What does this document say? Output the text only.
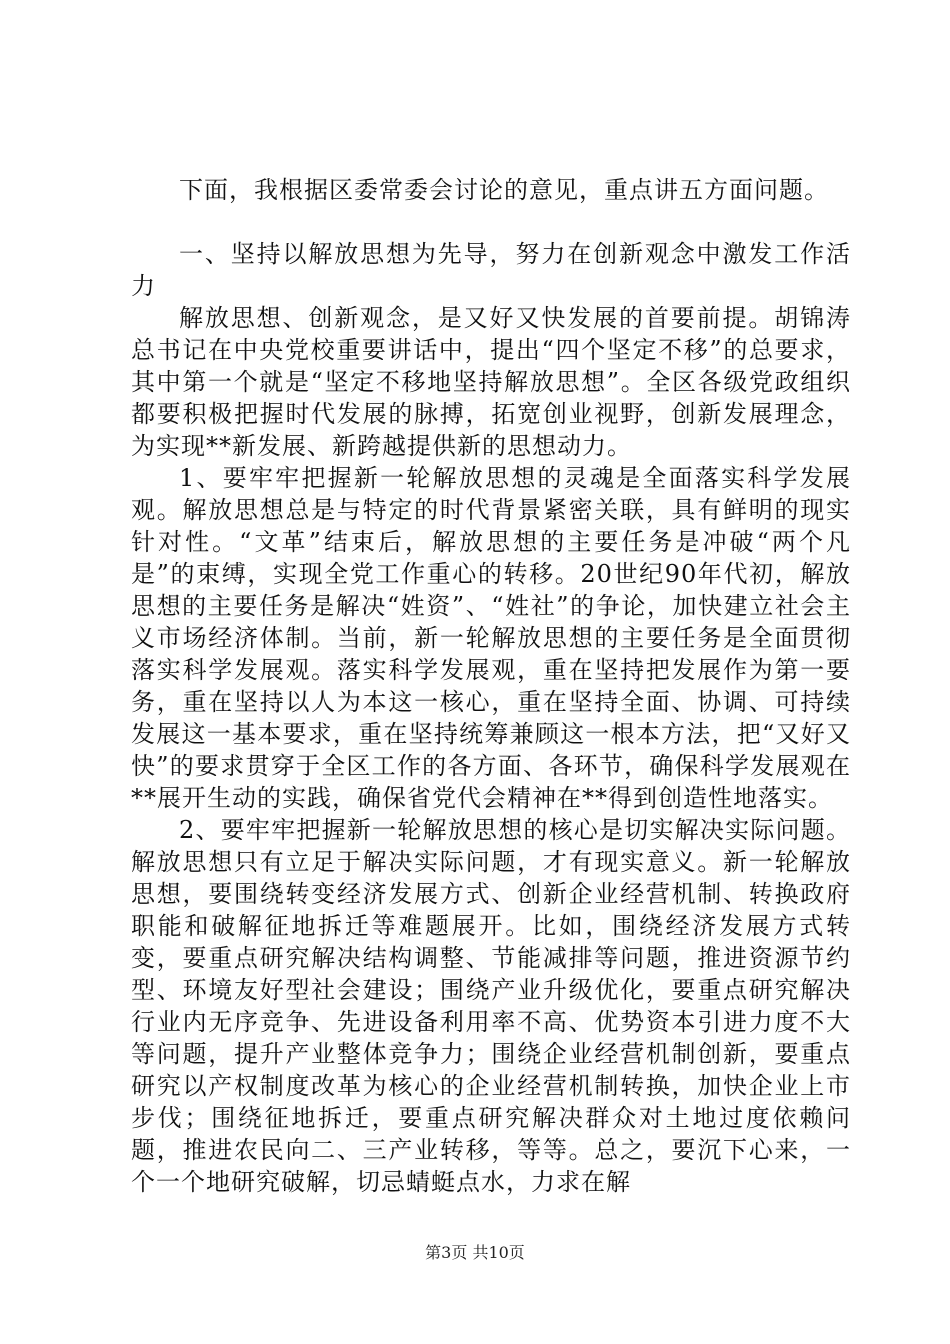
下面，我根据区委常委会讨论的意见，重点讲五方面问题。

一、坚持以解放思想为先导，努力在创新观念中激发工作活力

解放思想、创新观念，是又好又快发展的首要前提。胡锦涛总书记在中央党校重要讲话中，提出“四个坚定不移”的总要求，其中第一个就是“坚定不移地坚持解放思想”。全区各级党政组织都要积极把握时代发展的脉搏，拓宽创业视野，创新发展理念，为实现**新发展、新跨越提供新的思想动力。

1、要牢牢把握新一轮解放思想的灵魂是全面落实科学发展观。解放思想总是与特定的时代背景紧密关联，具有鲜明的现实针对性。“文革”结束后，解放思想的主要任务是冲破“两个凡是”的束缚，实现全党工作重心的转移。20世纪90年代初，解放思想的主要任务是解决“姓资”、“姓社”的争论，加快建立社会主义市场经济体制。当前，新一轮解放思想的主要任务是全面贯彻落实科学发展观。落实科学发展观，重在坚持把发展作为第一要务，重在坚持以人为本这一核心，重在坚持全面、协调、可持续发展这一基本要求，重在坚持统筹兼顾这一根本方法，把“又好又快”的要求贯穿于全区工作的各方面、各环节，确保科学发展观在**展开生动的实践，确保省党代会精神在**得到创造性地落实。

2、要牢牢把握新一轮解放思想的核心是切实解决实际问题。解放思想只有立足于解决实际问题，才有现实意义。新一轮解放思想，要围绕转变经济发展方式、创新企业经营机制、转换政府职能和破解征地拆迁等难题展开。比如，围绕经济发展方式转变，要重点研究解决结构调整、节能减排等问题，推进资源节约型、环境友好型社会建设；围绕产业升级优化，要重点研究解决行业内无序竞争、先进设备利用率不高、优势资本引进力度不大等问题，提升产业整体竞争力；围绕企业经营机制创新，要重点研究以产权制度改革为核心的企业经营机制转换，加快企业上市步伐；围绕征地拆迁，要重点研究解决群众对土地过度依赖问题，推进农民向二、三产业转移，等等。总之，要沉下心来，一个一个地研究破解，切忌蜻蜓点水，力求在解

第3页 共10页
